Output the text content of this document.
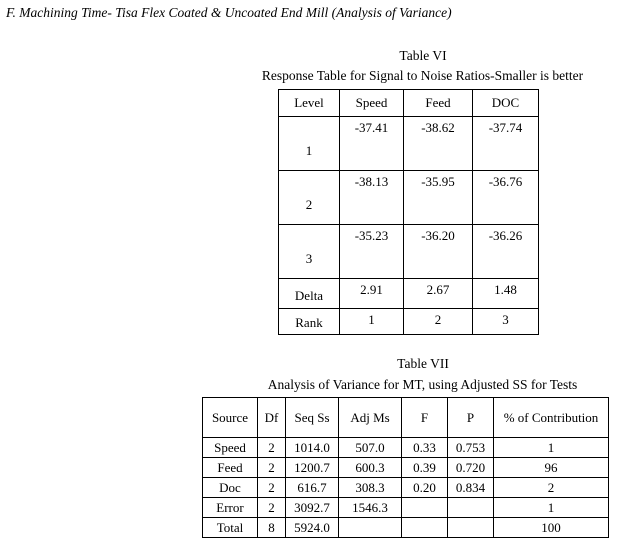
F. Machining Time- Tisa Flex Coated & Uncoated End Mill (Analysis of Variance)
Table VI
Response Table for Signal to Noise Ratios-Smaller is better
Level	Speed	Feed	DOC
1	-37.41	-38.62	-37.74
2	-38.13	-35.95	-36.76
3	-35.23	-36.20	-36.26
Delta	2.91	2.67	1.48
Rank	1	2	3
Table VII
Analysis of Variance for MT, using Adjusted SS for Tests
Source	Df	Seq Ss	Adj Ms	F	P	% of Contribution
Speed	2	1014.0	507.0	0.33	0.753	1
Feed	2	1200.7	600.3	0.39	0.720	96
Doc	2	616.7	308.3	0.20	0.834	2
Error	2	3092.7	1546.3			1
Total	8	5924.0				100
